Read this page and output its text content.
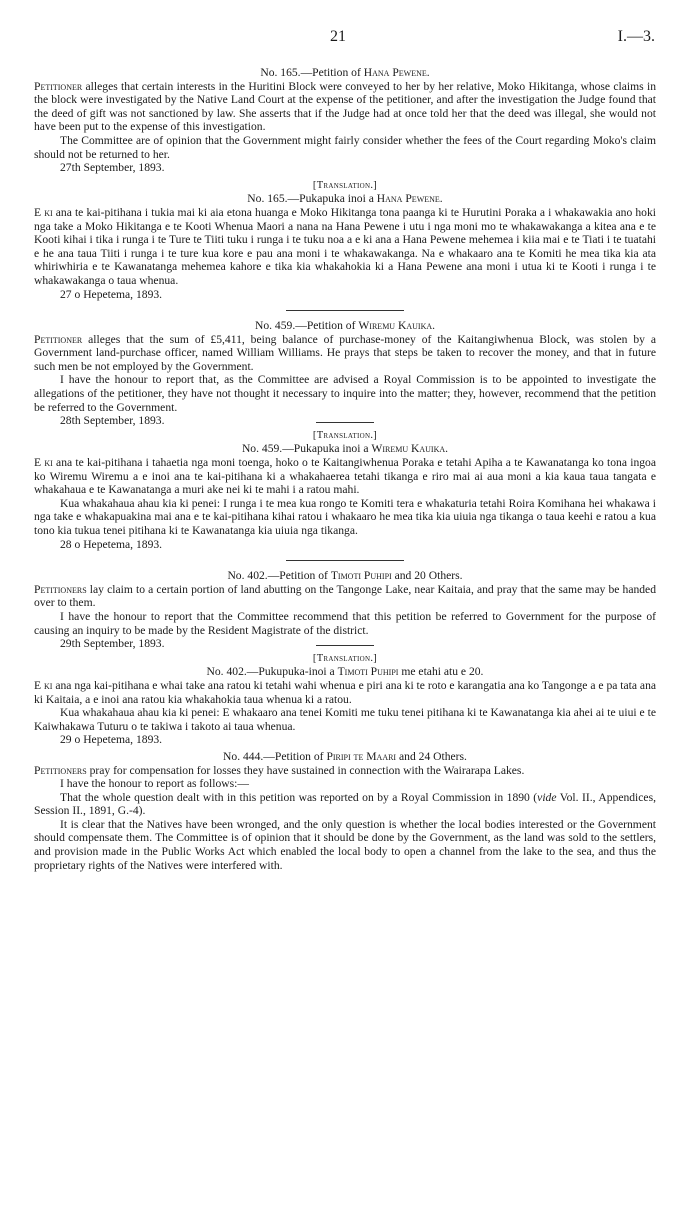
21	I.—3.

No. 165.—Petition of Hana Pewene.

Petitioner alleges that certain interests in the Huritini Block were conveyed to her by her relative, Moko Hikitanga, whose claims in the block were investigated by the Native Land Court at the expense of the petitioner, and after the investigation the Judge found that the deed of gift was not sanctioned by law. She asserts that if the Judge had at once told her that the deed was illegal, she would not have been put to the expense of this investigation.

The Committee are of opinion that the Government might fairly consider whether the fees of the Court regarding Moko's claim should not be returned to her.

27th September, 1893.

[Translation.]

No. 165.—Pukapuka inoi a Hana Pewene.

E ki ana te kai-pitihana i tukia mai ki aia etona huanga e Moko Hikitanga tona paanga ki te Hurutini Poraka a i whakawakia ano hoki nga take a Moko Hikitanga e te Kooti Whenua Maori a nana na Hana Pewene i utu i nga moni mo te whakawakanga a kitea ana e te Kooti kihai i tika i runga i te Ture te Tiiti tuku i runga i te tuku noa a e ki ana a Hana Pewene mehemea i kiia mai e te Tiati i te tuatahi e he ana taua Tiiti i runga i te ture kua kore e pau ana moni i te whakawakanga. Na e whakaaro ana te Komiti he mea tika kia ata whiriwhiria e te Kawanatanga mehemea kahore e tika kia whakahokia ki a Hana Pewene ana moni i utua ki te Kooti i runga i te whakawakanga o taua whenua.

27 o Hepetema, 1893.

No. 459.—Petition of Wiremu Kauika.

Petitioner alleges that the sum of £5,411, being balance of purchase-money of the Kaitangiwhenua Block, was stolen by a Government land-purchase officer, named William Williams. He prays that steps be taken to recover the money, and that in future such men be not employed by the Government.

I have the honour to report that, as the Committee are advised a Royal Commission is to be appointed to investigate the allegations of the petitioner, they have not thought it necessary to inquire into the matter; they, however, recommend that the petition be referred to the Government.

28th September, 1893.

[Translation.]

No. 459.—Pukapuka inoi a Wiremu Kauika.

E ki ana te kai-pitihana i tahaetia nga moni toenga, hoko o te Kaitangiwhenua Poraka e tetahi Apiha a te Kawanatanga ko tona ingoa ko Wiremu Wiremu a e inoi ana te kai-pitihana ki a whakahaerea tetahi tikanga e riro mai ai aua moni a kia kaua taua tangata e whakahaua e te Kawanatanga a muri ake nei ki te mahi i a ratou mahi.

Kua whakahaua ahau kia ki penei: I runga i te mea kua rongo te Komiti tera e whakaturia tetahi Roira Komihana hei whakawa i nga take e whakapuakina mai ana e te kai-pitihana kihai ratou i whakaaro he mea tika kia uiuia nga tikanga o taua keehi e ratou a kua tono kia tukua tenei pitihana ki te Kawanatanga kia uiuia nga tikanga.

28 o Hepetema, 1893.

No. 402.—Petition of Timoti Puhipi and 20 Others.

Petitioners lay claim to a certain portion of land abutting on the Tangonge Lake, near Kaitaia, and pray that the same may be handed over to them.

I have the honour to report that the Committee recommend that this petition be referred to Government for the purpose of causing an inquiry to be made by the Resident Magistrate of the district.

29th September, 1893.

[Translation.]

No. 402.—Pukupuka-inoi a Timoti Puhipi me etahi atu e 20.

E ki ana nga kai-pitihana e whai take ana ratou ki tetahi wahi whenua e piri ana ki te roto e karangatia ana ko Tangonge a e pa tata ana ki Kaitaia, a e inoi ana ratou kia whakahokia taua whenua ki a ratou.

Kua whakahaua ahau kia ki penei: E whakaaro ana tenei Komiti me tuku tenei pitihana ki te Kawanatanga kia ahei ai te uiui e te Kaiwhakawa Tuturu o te takiwa i takoto ai taua whenua.

29 o Hepetema, 1893.

No. 444.—Petition of Piripi te Maari and 24 Others.

Petitioners pray for compensation for losses they have sustained in connection with the Wairarapa Lakes.

I have the honour to report as follows:—

That the whole question dealt with in this petition was reported on by a Royal Commission in 1890 (vide Vol. II., Appendices, Session II., 1891, G.-4).

It is clear that the Natives have been wronged, and the only question is whether the local bodies interested or the Government should compensate them. The Committee is of opinion that it should be done by the Government, as the land was sold to the settlers, and provision made in the Public Works Act which enabled the local body to open a channel from the lake to the sea, and thus the proprietary rights of the Natives were interfered with.
